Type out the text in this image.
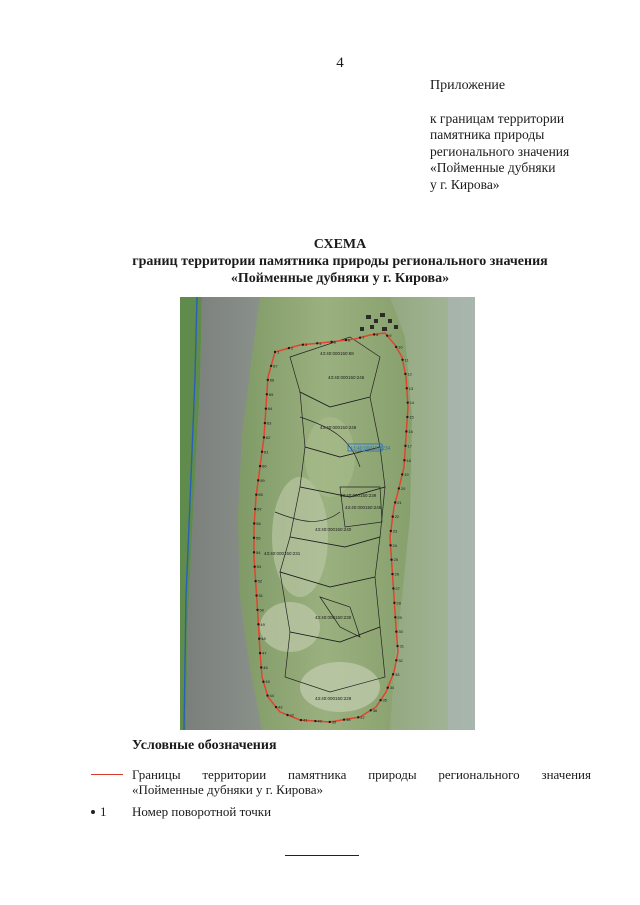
4
Приложение
к границам территории
памятника природы
регионального значения
«Пойменные дубняки
у г. Кирова»
СХЕМА
границ территории памятника природы регионального значения
«Пойменные дубняки у г. Кирова»
43:40:000150:234
43:40:000150:68
43:40:000150:246
43:40:000150:249
43:40:000150:239
43:40:000150:245
43:40:000150:240
43:40:000150:231
43:40:000150:230
43:40:000150:229
1
2
3	4	5	6	7
8	9
10
11
12
13
14
15
16
17
18
19
20
21
22
23
24
25
26
27
28
29
30
31
32
33
34
35
36
37
38
39
40
41
42
43
44
45
46
47
48
49
50
51
52
53
54
55
56
57
58
59
60
61
62
63
64
65
66
67
Условные обозначения
Границы территории памятника природы регионального значения
«Пойменные дубняки у г. Кирова»
1 Номер поворотной точки
